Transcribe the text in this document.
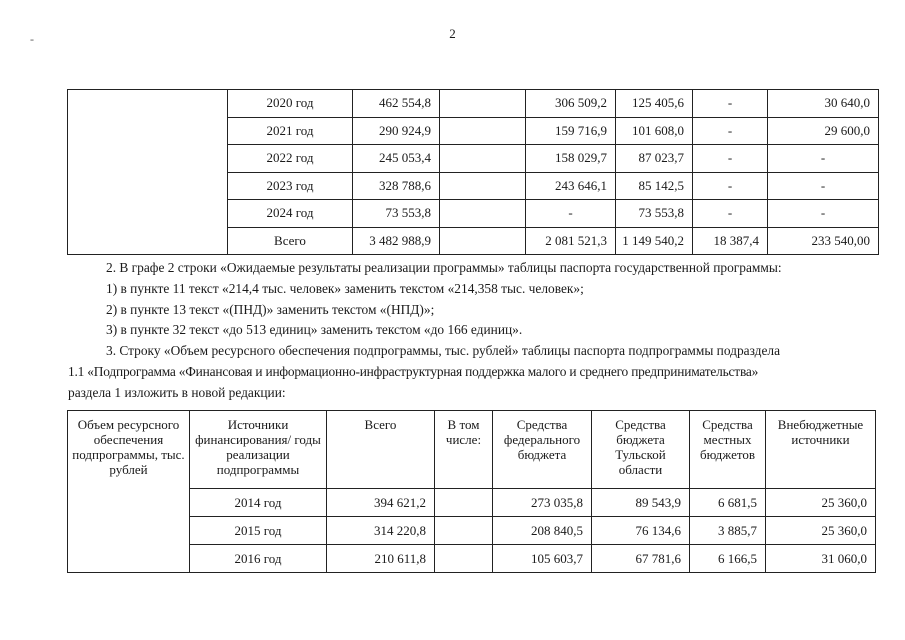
2
-
	2020 год	462 554,8		306 509,2	125 405,6	-	30 640,0
	2021 год	290 924,9		159 716,9	101 608,0	-	29 600,0
	2022 год	245 053,4		158 029,7	87 023,7	-	-
	2023 год	328 788,6		243 646,1	85 142,5	-	-
	2024 год	73 553,8		-	73 553,8	-	-
	Всего	3 482 988,9		2 081 521,3	1 149 540,2	18 387,4	233 540,00

2. В графе 2 строки «Ожидаемые результаты реализации программы» таблицы паспорта государственной программы:

1) в пункте 11 текст «214,4 тыс. человек» заменить текстом «214,358 тыс. человек»;

2) в пункте 13 текст «(ПНД)» заменить текстом «(НПД)»;

3) в пункте 32 текст «до 513 единиц» заменить текстом «до 166 единиц».

3. Строку «Объем ресурсного обеспечения подпрограммы, тыс. рублей» таблицы паспорта подпрограммы подраздела

1.1 «Подпрограмма «Финансовая и информационно-инфраструктурная поддержка малого и среднего предпринимательства»

раздела 1 изложить в новой редакции:

Объем ресурсного обеспечения подпрограммы, тыс. рублей	Источники финансирования/ годы реализации подпрограммы	Всего	В том числе:	Средства федерального бюджета	Средства бюджета Тульской области	Средства местных бюджетов	Внебюджетные источники
	2014 год	394 621,2		273 035,8	89 543,9	6 681,5	25 360,0
	2015 год	314 220,8		208 840,5	76 134,6	3 885,7	25 360,0
	2016 год	210 611,8		105 603,7	67 781,6	6 166,5	31 060,0
